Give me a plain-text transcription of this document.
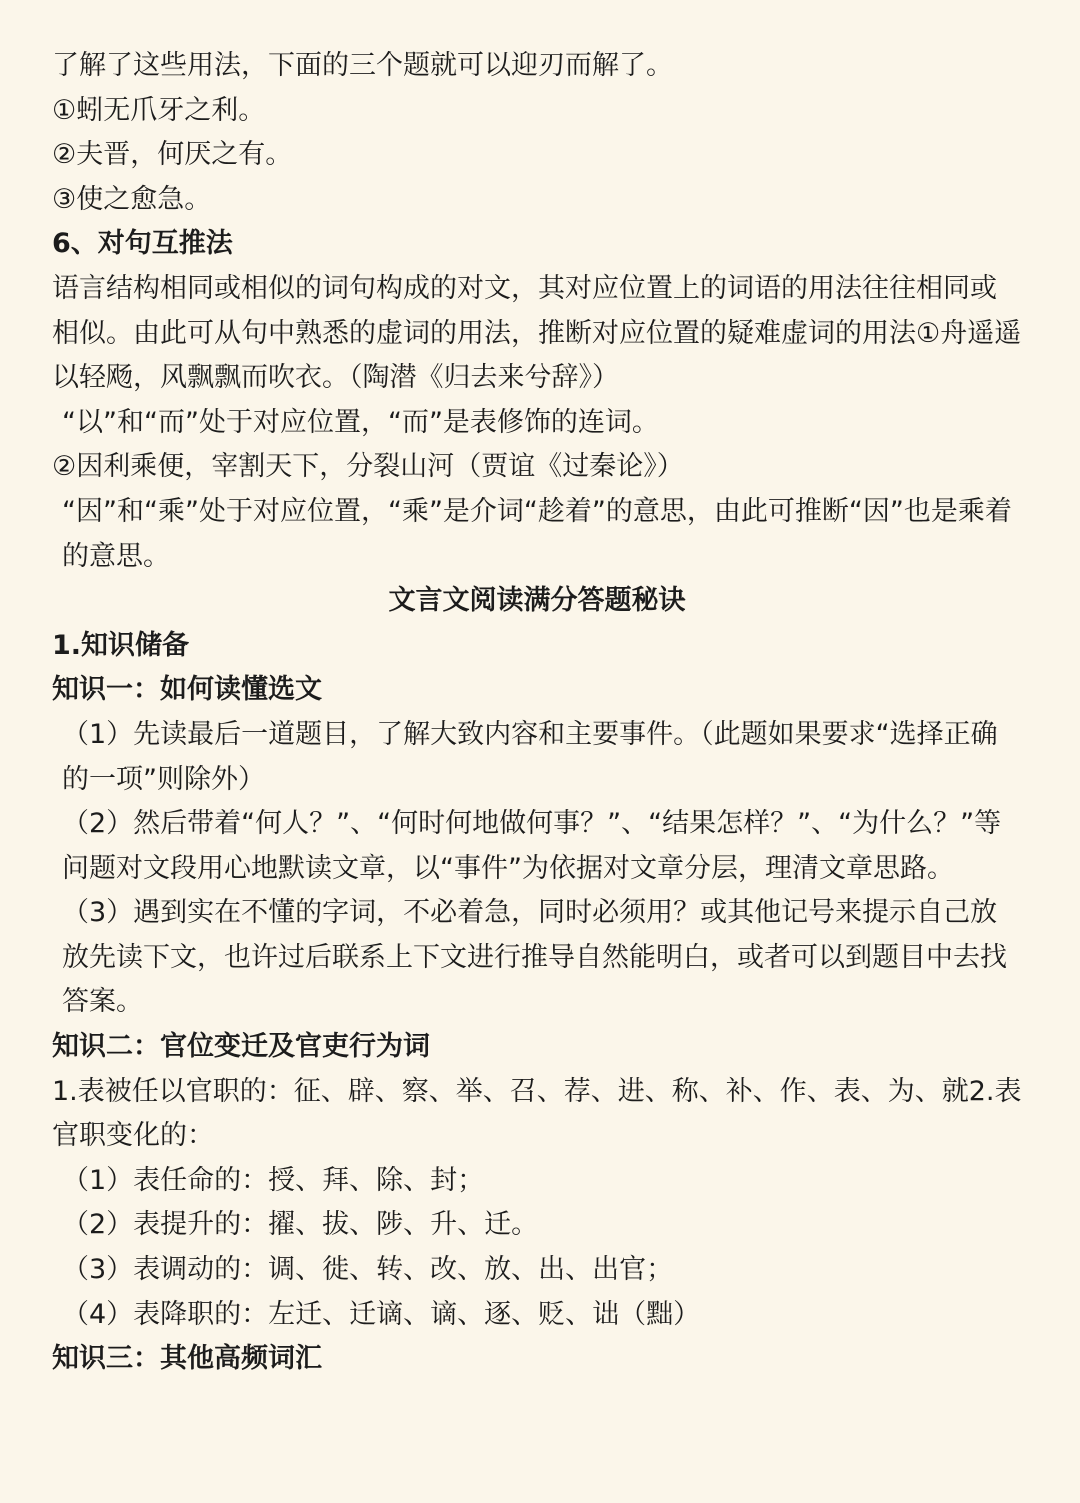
了解了这些用法，下面的三个题就可以迎刃而解了。

①蚓无爪牙之利。

②夫晋，何厌之有。

③使之愈急。

6、对句互推法

语言结构相同或相似的词句构成的对文，其对应位置上的词语的用法往往相同或相似。由此可从句中熟悉的虚词的用法，推断对应位置的疑难虚词的用法①舟遥遥以轻飏，风飘飘而吹衣。（陶潜《归去来兮辞》）

“以”和“而”处于对应位置，“而”是表修饰的连词。

②因利乘便，宰割天下，分裂山河（贾谊《过秦论》）

“因”和“乘”处于对应位置，“乘”是介词“趁着”的意思，由此可推断“因”也是乘着的意思。

文言文阅读满分答题秘诀

1.知识储备

知识一：如何读懂选文

（1）先读最后一道题目，了解大致内容和主要事件。（此题如果要求“选择正确的一项”则除外）

（2）然后带着“何人？”、“何时何地做何事？”、“结果怎样？”、“为什么？”等问题对文段用心地默读文章，以“事件”为依据对文章分层，理清文章思路。

（3）遇到实在不懂的字词，不必着急，同时必须用？或其他记号来提示自己放放先读下文，也许过后联系上下文进行推导自然能明白，或者可以到题目中去找答案。

知识二：官位变迁及官吏行为词

1.表被任以官职的：征、辟、察、举、召、荐、进、称、补、作、表、为、就2.表官职变化的：

（1）表任命的：授、拜、除、封；

（2）表提升的：擢、拔、陟、升、迁。

（3）表调动的：调、徙、转、改、放、出、出官；

（4）表降职的：左迁、迁谪、谪、逐、贬、诎（黜）

知识三：其他高频词汇
